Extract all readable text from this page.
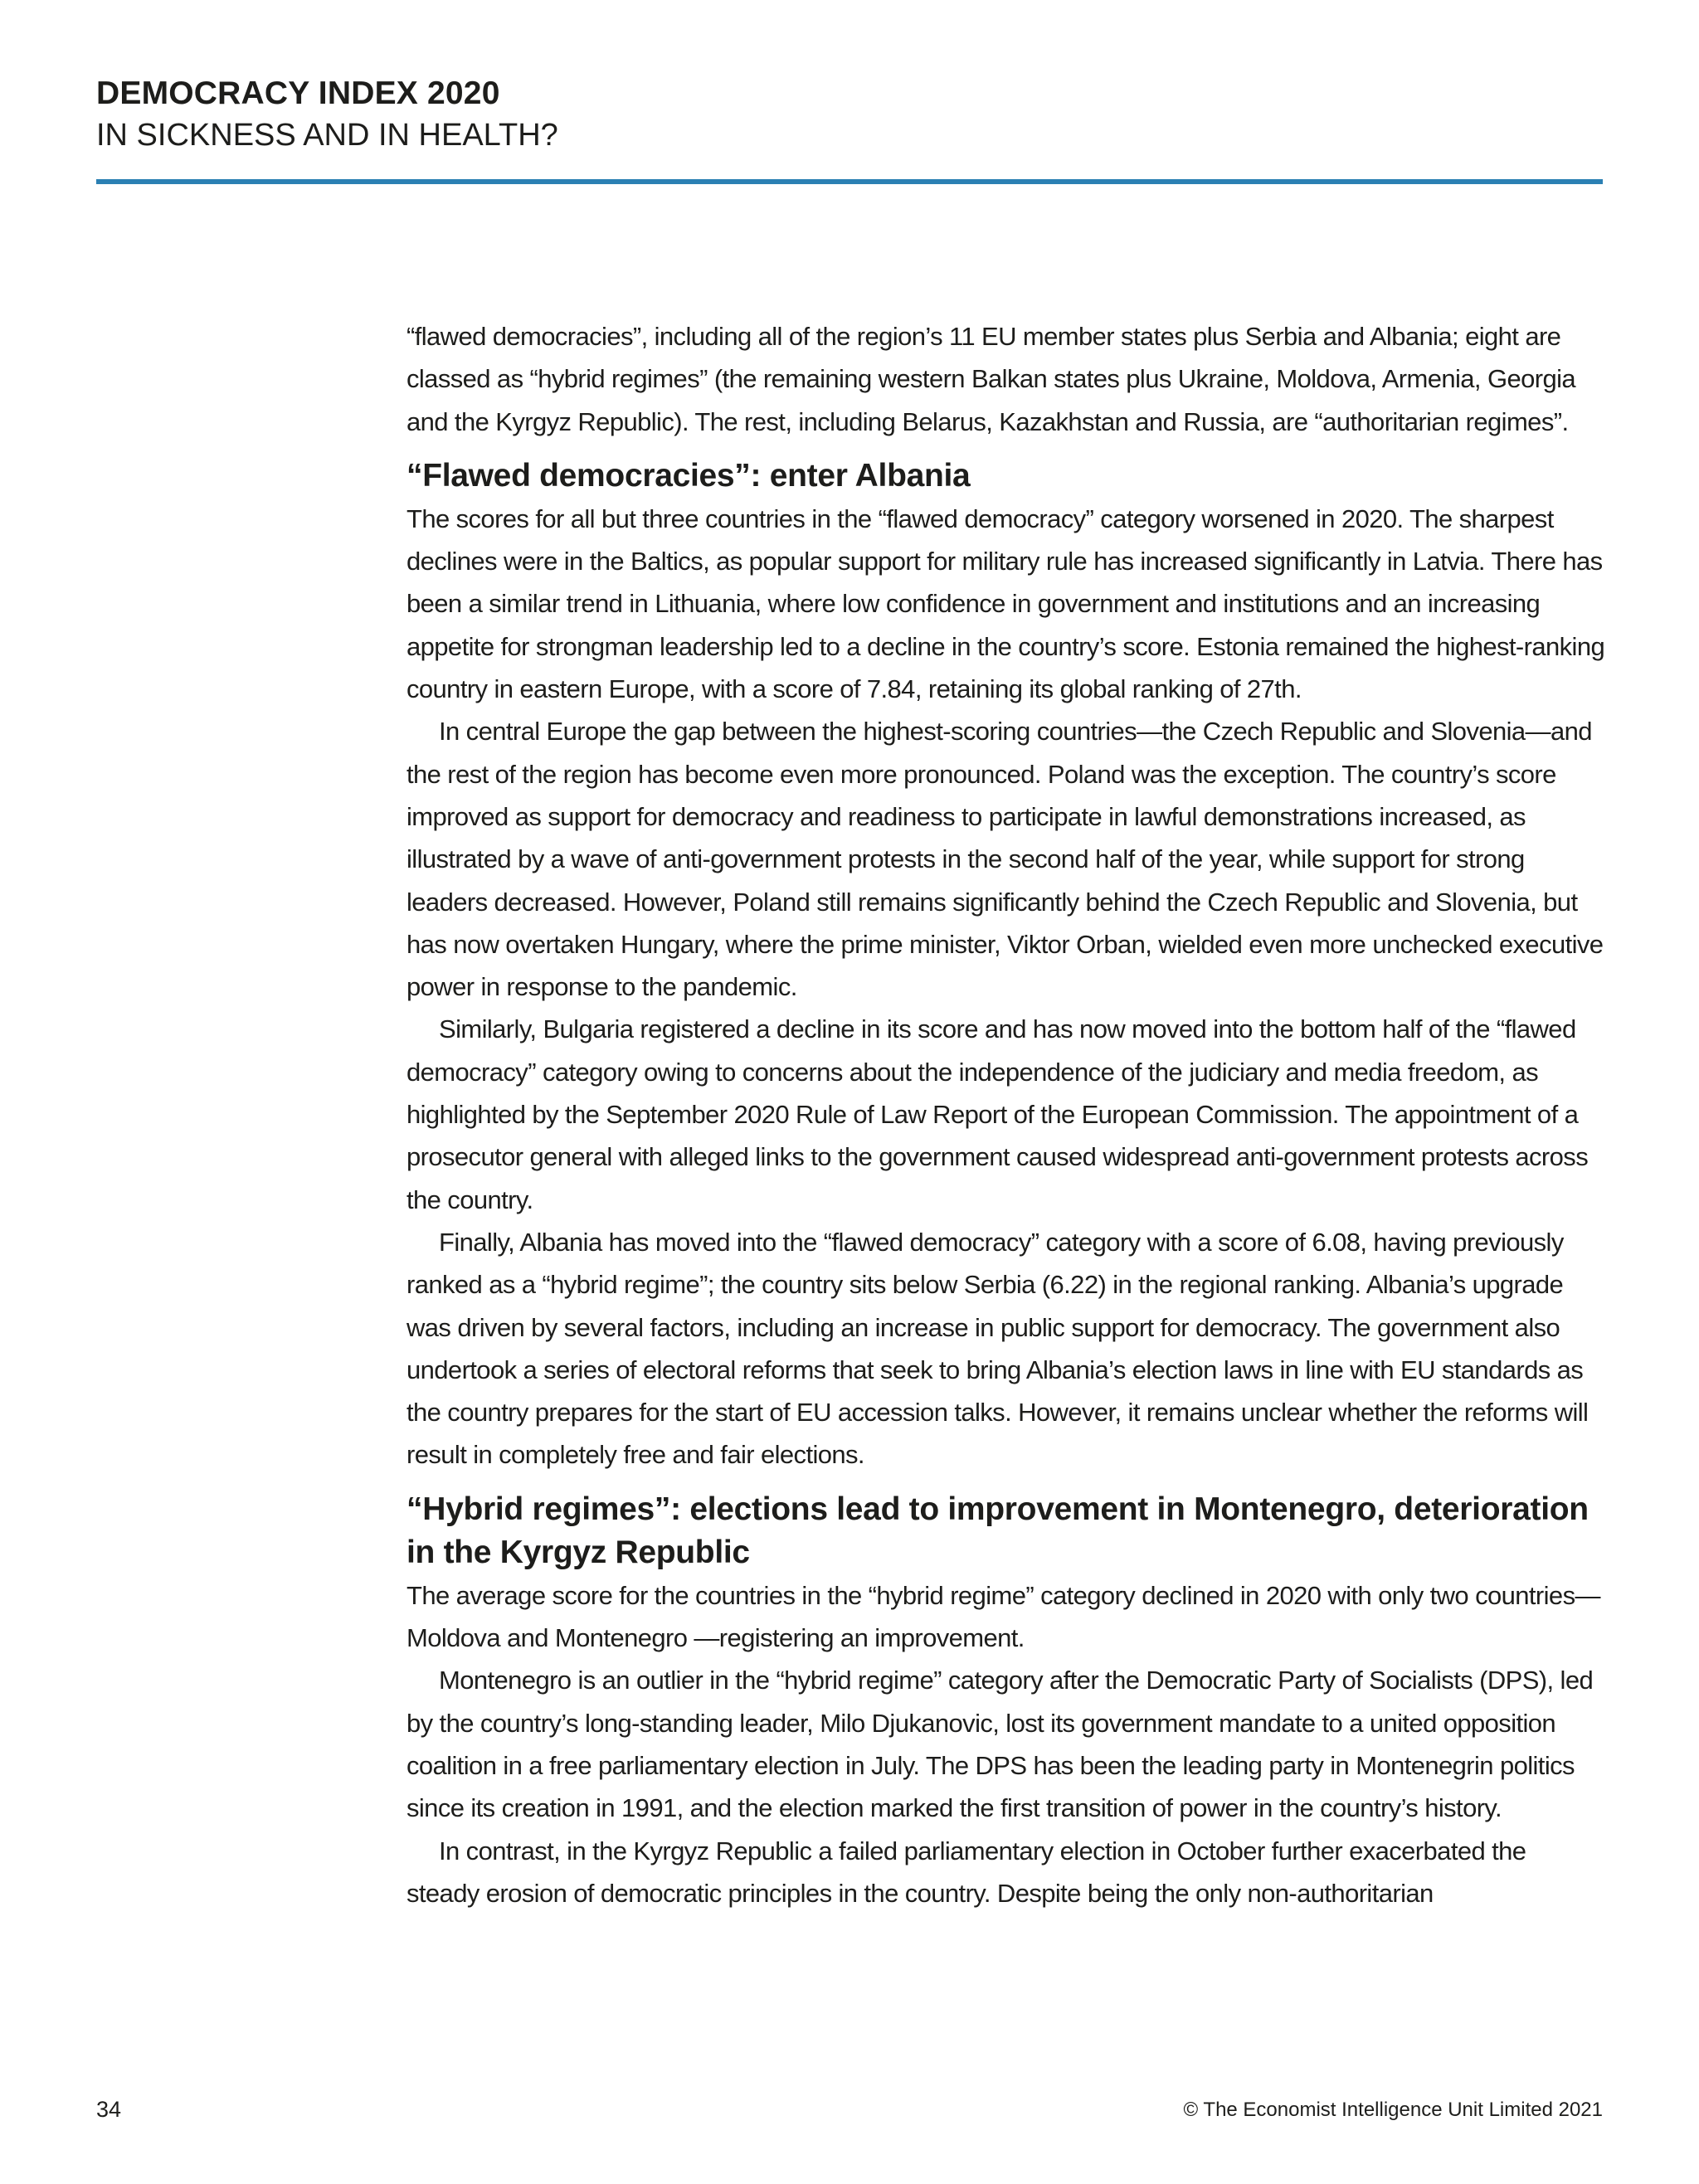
DEMOCRACY INDEX 2020
IN SICKNESS AND IN HEALTH?

“flawed democracies”, including all of the region’s 11 EU member states plus Serbia and Albania; eight are classed as “hybrid regimes” (the remaining western Balkan states plus Ukraine, Moldova, Armenia, Georgia and the Kyrgyz Republic). The rest, including Belarus, Kazakhstan and Russia, are “authoritarian regimes”.

“Flawed democracies”: enter Albania

The scores for all but three countries in the “flawed democracy” category worsened in 2020. The sharpest declines were in the Baltics, as popular support for military rule has increased significantly in Latvia. There has been a similar trend in Lithuania, where low confidence in government and institutions and an increasing appetite for strongman leadership led to a decline in the country’s score. Estonia remained the highest-ranking country in eastern Europe, with a score of 7.84, retaining its global ranking of 27th.

In central Europe the gap between the highest-scoring countries—the Czech Republic and Slovenia—and the rest of the region has become even more pronounced. Poland was the exception. The country’s score improved as support for democracy and readiness to participate in lawful demonstrations increased, as illustrated by a wave of anti-government protests in the second half of the year, while support for strong leaders decreased. However, Poland still remains significantly behind the Czech Republic and Slovenia, but has now overtaken Hungary, where the prime minister, Viktor Orban, wielded even more unchecked executive power in response to the pandemic.

Similarly, Bulgaria registered a decline in its score and has now moved into the bottom half of the “flawed democracy” category owing to concerns about the independence of the judiciary and media freedom, as highlighted by the September 2020 Rule of Law Report of the European Commission. The appointment of a prosecutor general with alleged links to the government caused widespread anti-government protests across the country.

Finally, Albania has moved into the “flawed democracy” category with a score of 6.08, having previously ranked as a “hybrid regime”; the country sits below Serbia (6.22) in the regional ranking. Albania’s upgrade was driven by several factors, including an increase in public support for democracy. The government also undertook a series of electoral reforms that seek to bring Albania’s election laws in line with EU standards as the country prepares for the start of EU accession talks. However, it remains unclear whether the reforms will result in completely free and fair elections.

“Hybrid regimes”: elections lead to improvement in Montenegro, deterioration in the Kyrgyz Republic

The average score for the countries in the “hybrid regime” category declined in 2020 with only two countries—Moldova and Montenegro —registering an improvement.

Montenegro is an outlier in the “hybrid regime” category after the Democratic Party of Socialists (DPS), led by the country’s long-standing leader, Milo Djukanovic, lost its government mandate to a united opposition coalition in a free parliamentary election in July. The DPS has been the leading party in Montenegrin politics since its creation in 1991, and the election marked the first transition of power in the country’s history.

In contrast, in the Kyrgyz Republic a failed parliamentary election in October further exacerbated the steady erosion of democratic principles in the country. Despite being the only non-authoritarian

34	© The Economist Intelligence Unit Limited 2021
